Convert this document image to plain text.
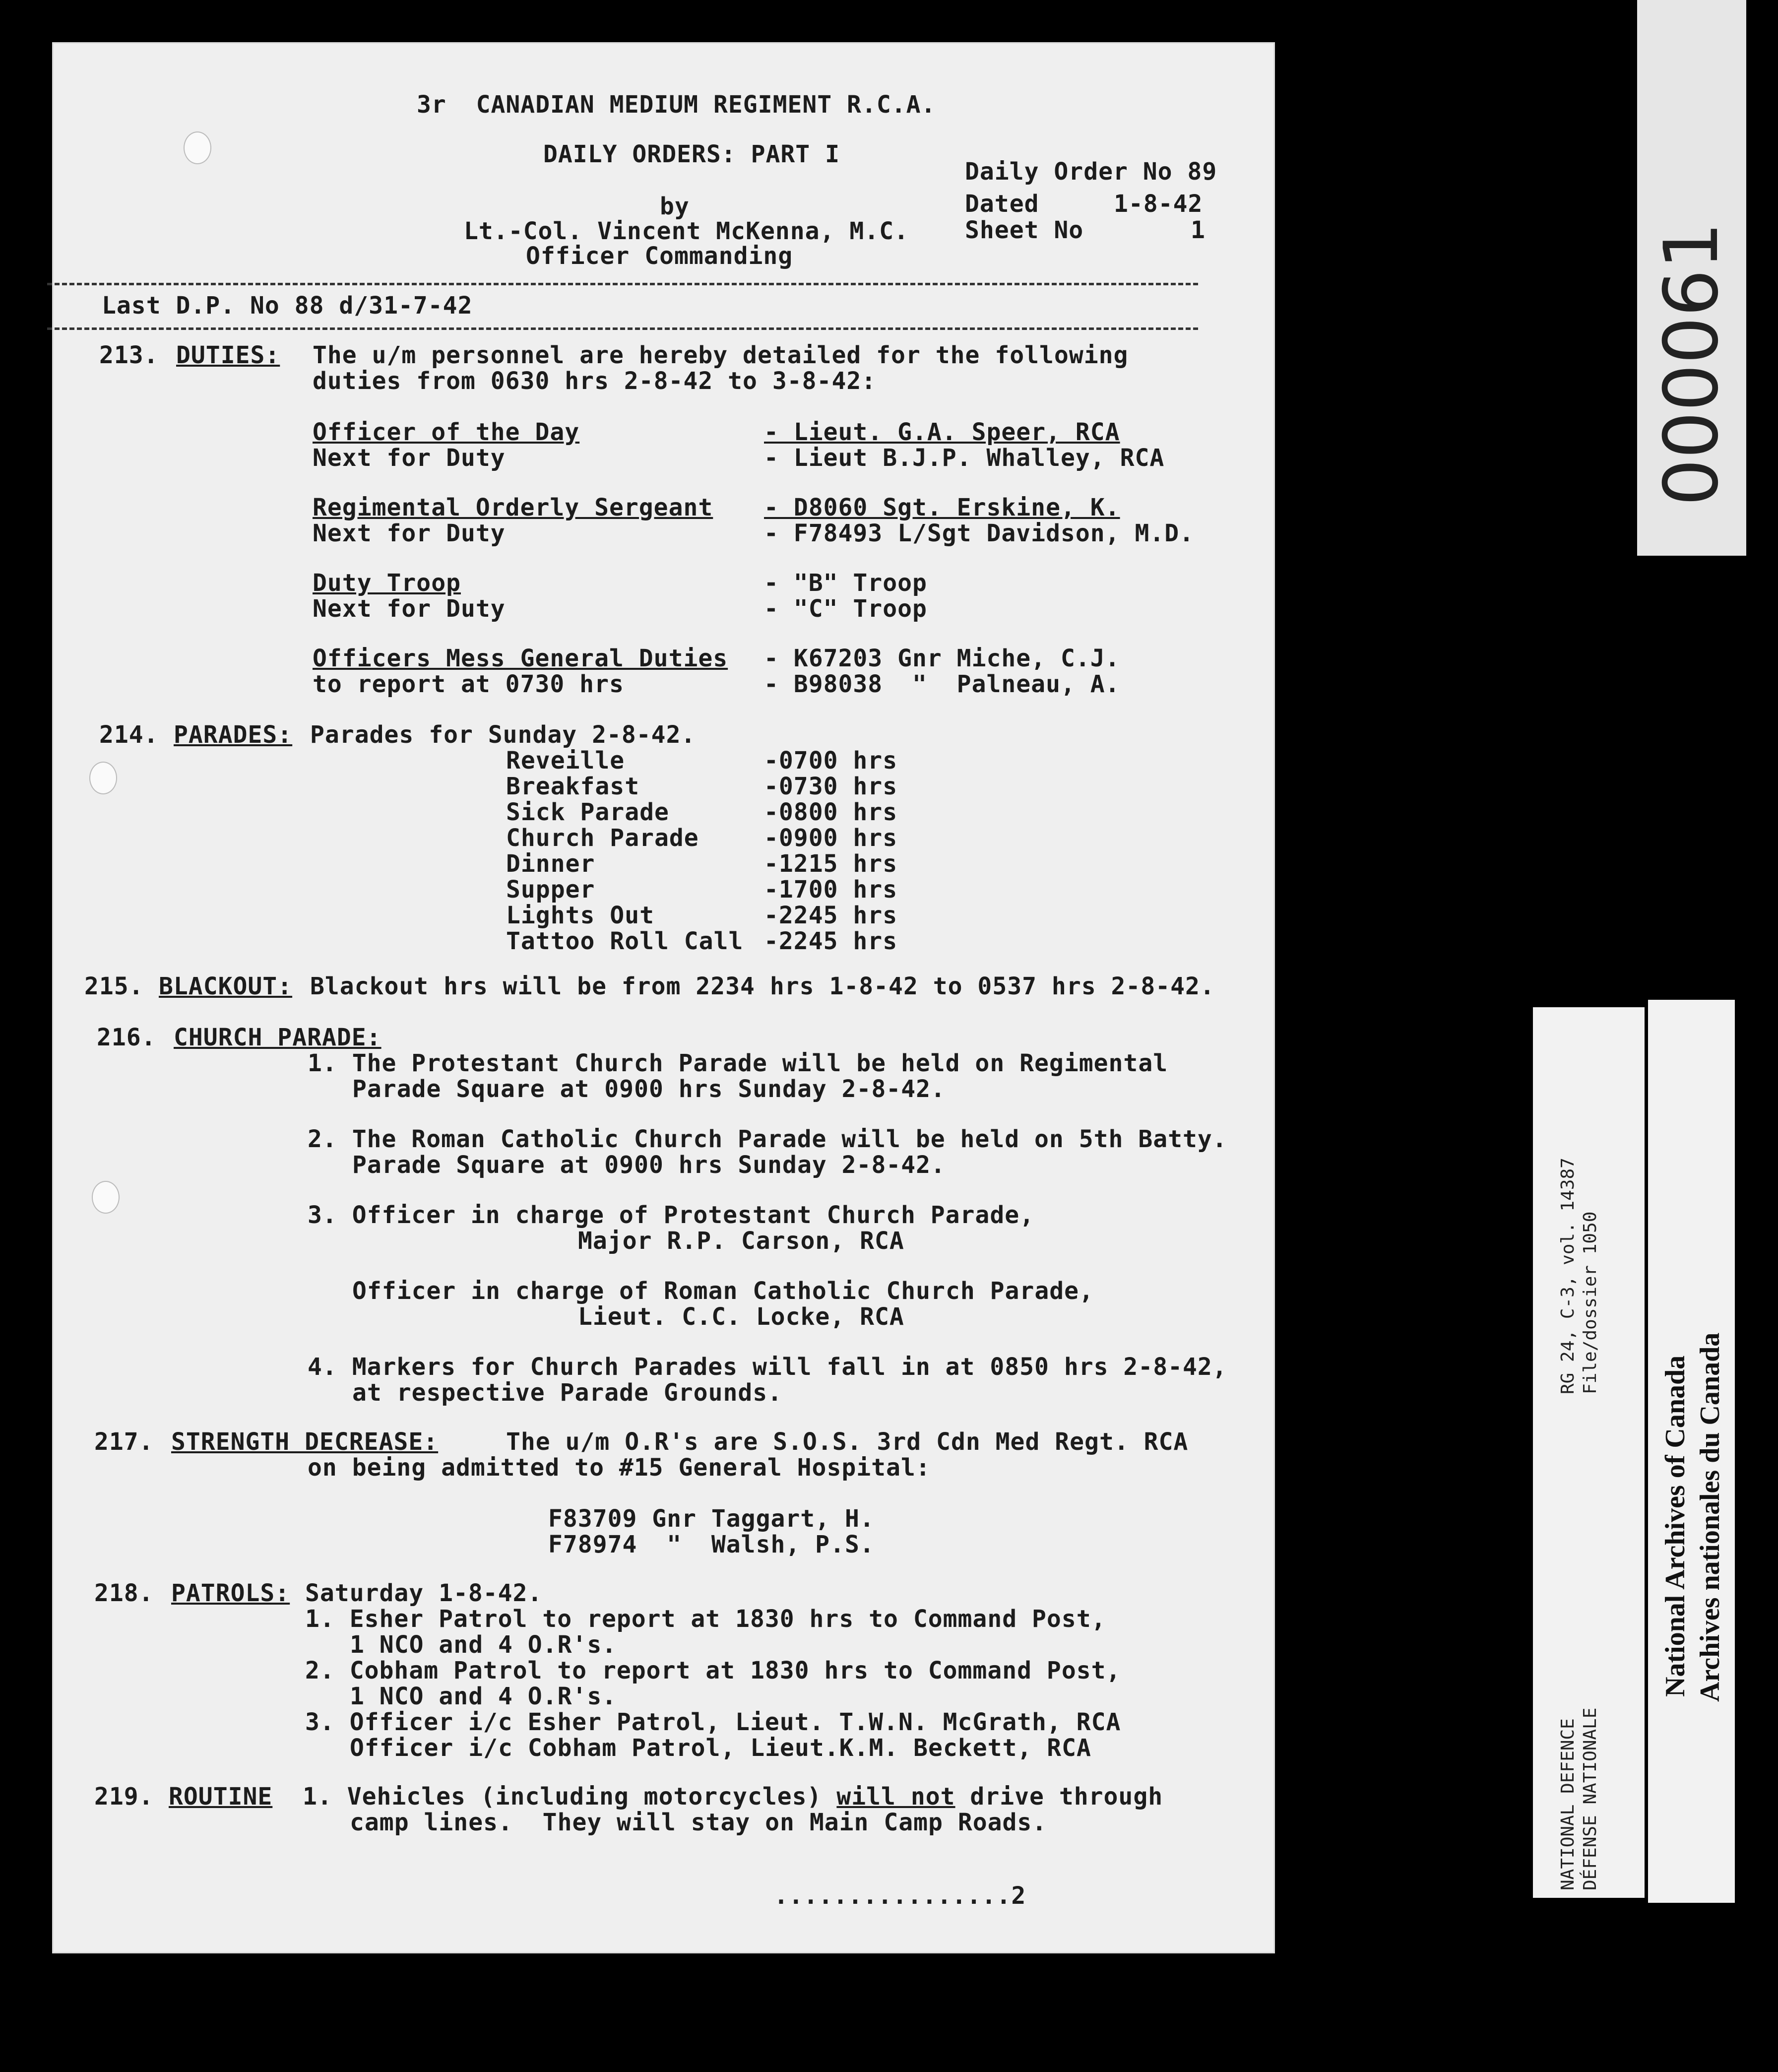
3r  CANADIAN MEDIUM REGIMENT R.C.A.
DAILY ORDERS: PART I
by
Lt.-Col. Vincent McKenna, M.C.
Officer Commanding
Daily Order No 89
Dated	1-8-42
Sheet No	1
Last D.P. No 88 d/31-7-42
213. DUTIES: The u/m personnel are hereby detailed for the following
duties from 0630 hrs 2-8-42 to 3-8-42:
Officer of the Day	- Lieut. G.A. Speer, RCA
Next for Duty	- Lieut B.J.P. Whalley, RCA
Regimental Orderly Sergeant - D8060 Sgt. Erskine, K.
Next for Duty	- F78493 L/Sgt Davidson, M.D.
Duty Troop	- "B" Troop
Next for Duty	- "C" Troop
Officers Mess General Duties - K67203 Gnr Miche, C.J.
to report at 0730 hrs	- B98038  "  Palneau, A.
214. PARADES: Parades for Sunday 2-8-42.
Reveille	-0700 hrs
Breakfast	-0730 hrs
Sick Parade	-0800 hrs
Church Parade	-0900 hrs
Dinner	-1215 hrs
Supper	-1700 hrs
Lights Out	-2245 hrs
Tattoo Roll Call -2245 hrs
215. BLACKOUT: Blackout hrs will be from 2234 hrs 1-8-42 to 0537 hrs 2-8-42.
216. CHURCH PARADE:
1. The Protestant Church Parade will be held on Regimental
Parade Square at 0900 hrs Sunday 2-8-42.
2. The Roman Catholic Church Parade will be held on 5th Batty.
Parade Square at 0900 hrs Sunday 2-8-42.
3. Officer in charge of Protestant Church Parade,
Major R.P. Carson, RCA
Officer in charge of Roman Catholic Church Parade,
Lieut. C.C. Locke, RCA
4. Markers for Church Parades will fall in at 0850 hrs 2-8-42,
at respective Parade Grounds.
217. STRENGTH DECREASE:	The u/m O.R's are S.O.S. 3rd Cdn Med Regt. RCA
on being admitted to #15 General Hospital:
F83709 Gnr Taggart, H.
F78974  "  Walsh, P.S.
218. PATROLS: Saturday 1-8-42.
1. Esher Patrol to report at 1830 hrs to Command Post,
1 NCO and 4 O.R's.
2. Cobham Patrol to report at 1830 hrs to Command Post,
1 NCO and 4 O.R's.
3. Officer i/c Esher Patrol, Lieut. T.W.N. McGrath, RCA
Officer i/c Cobham Patrol, Lieut.K.M. Beckett, RCA
219. ROUTINE 1. Vehicles (including motorcycles) will not drive through
camp lines.  They will stay on Main Camp Roads.
................2
000061
RG 24, C-3, vol. 14387 File/dossier 1050
NATIONAL DEFENCE DÉFENSE NATIONALE
National Archives of Canada Archives nationales du Canada
